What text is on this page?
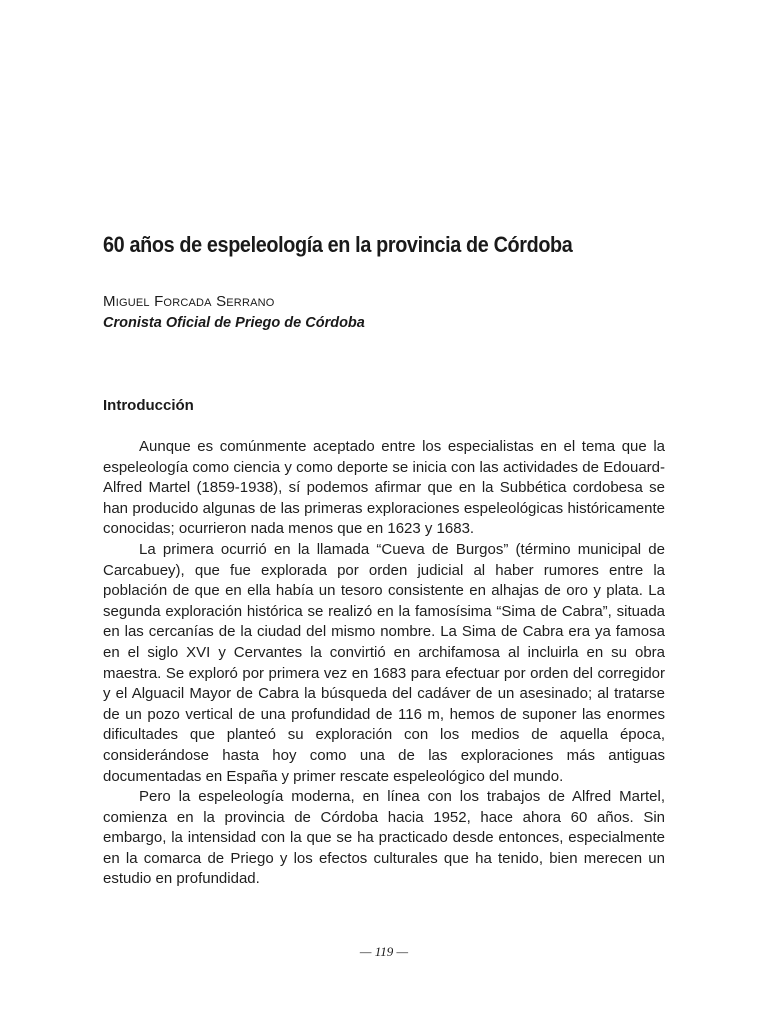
60 años de espeleología en la provincia de Córdoba
Miguel Forcada Serrano
Cronista Oficial de Priego de Córdoba
Introducción

Aunque es comúnmente aceptado entre los especialistas en el tema que la espeleología como ciencia y como deporte se inicia con las actividades de Edouard-Alfred Martel (1859-1938), sí podemos afirmar que en la Subbética cordobesa se han producido algunas de las primeras exploraciones espeleológicas históricamente conocidas; ocurrieron nada menos que en 1623 y 1683.

La primera ocurrió en la llamada “Cueva de Burgos” (término municipal de Carcabuey), que fue explorada por orden judicial al haber rumores entre la población de que en ella había un tesoro consistente en alhajas de oro y plata. La segunda exploración histórica se realizó en la famosísima “Sima de Cabra”, situada en las cercanías de la ciudad del mismo nombre. La Sima de Cabra era ya famosa en el siglo XVI y Cervantes la convirtió en archifamosa al incluirla en su obra maestra. Se exploró por primera vez en 1683 para efectuar por orden del corregidor y el Alguacil Mayor de Cabra la búsqueda del cadáver de un asesinado; al tratarse de un pozo vertical de una profundidad de 116 m, hemos de suponer las enormes dificultades que planteó su exploración con los medios de aquella época, considerándose hasta hoy como una de las exploraciones más antiguas documentadas en España y primer rescate espeleológico del mundo.

Pero la espeleología moderna, en línea con los trabajos de Alfred Martel, comienza en la provincia de Córdoba hacia 1952, hace ahora 60 años. Sin embargo, la intensidad con la que se ha practicado desde entonces, especialmente en la comarca de Priego y los efectos culturales que ha tenido, bien merecen un estudio en profundidad.

— 119 —
